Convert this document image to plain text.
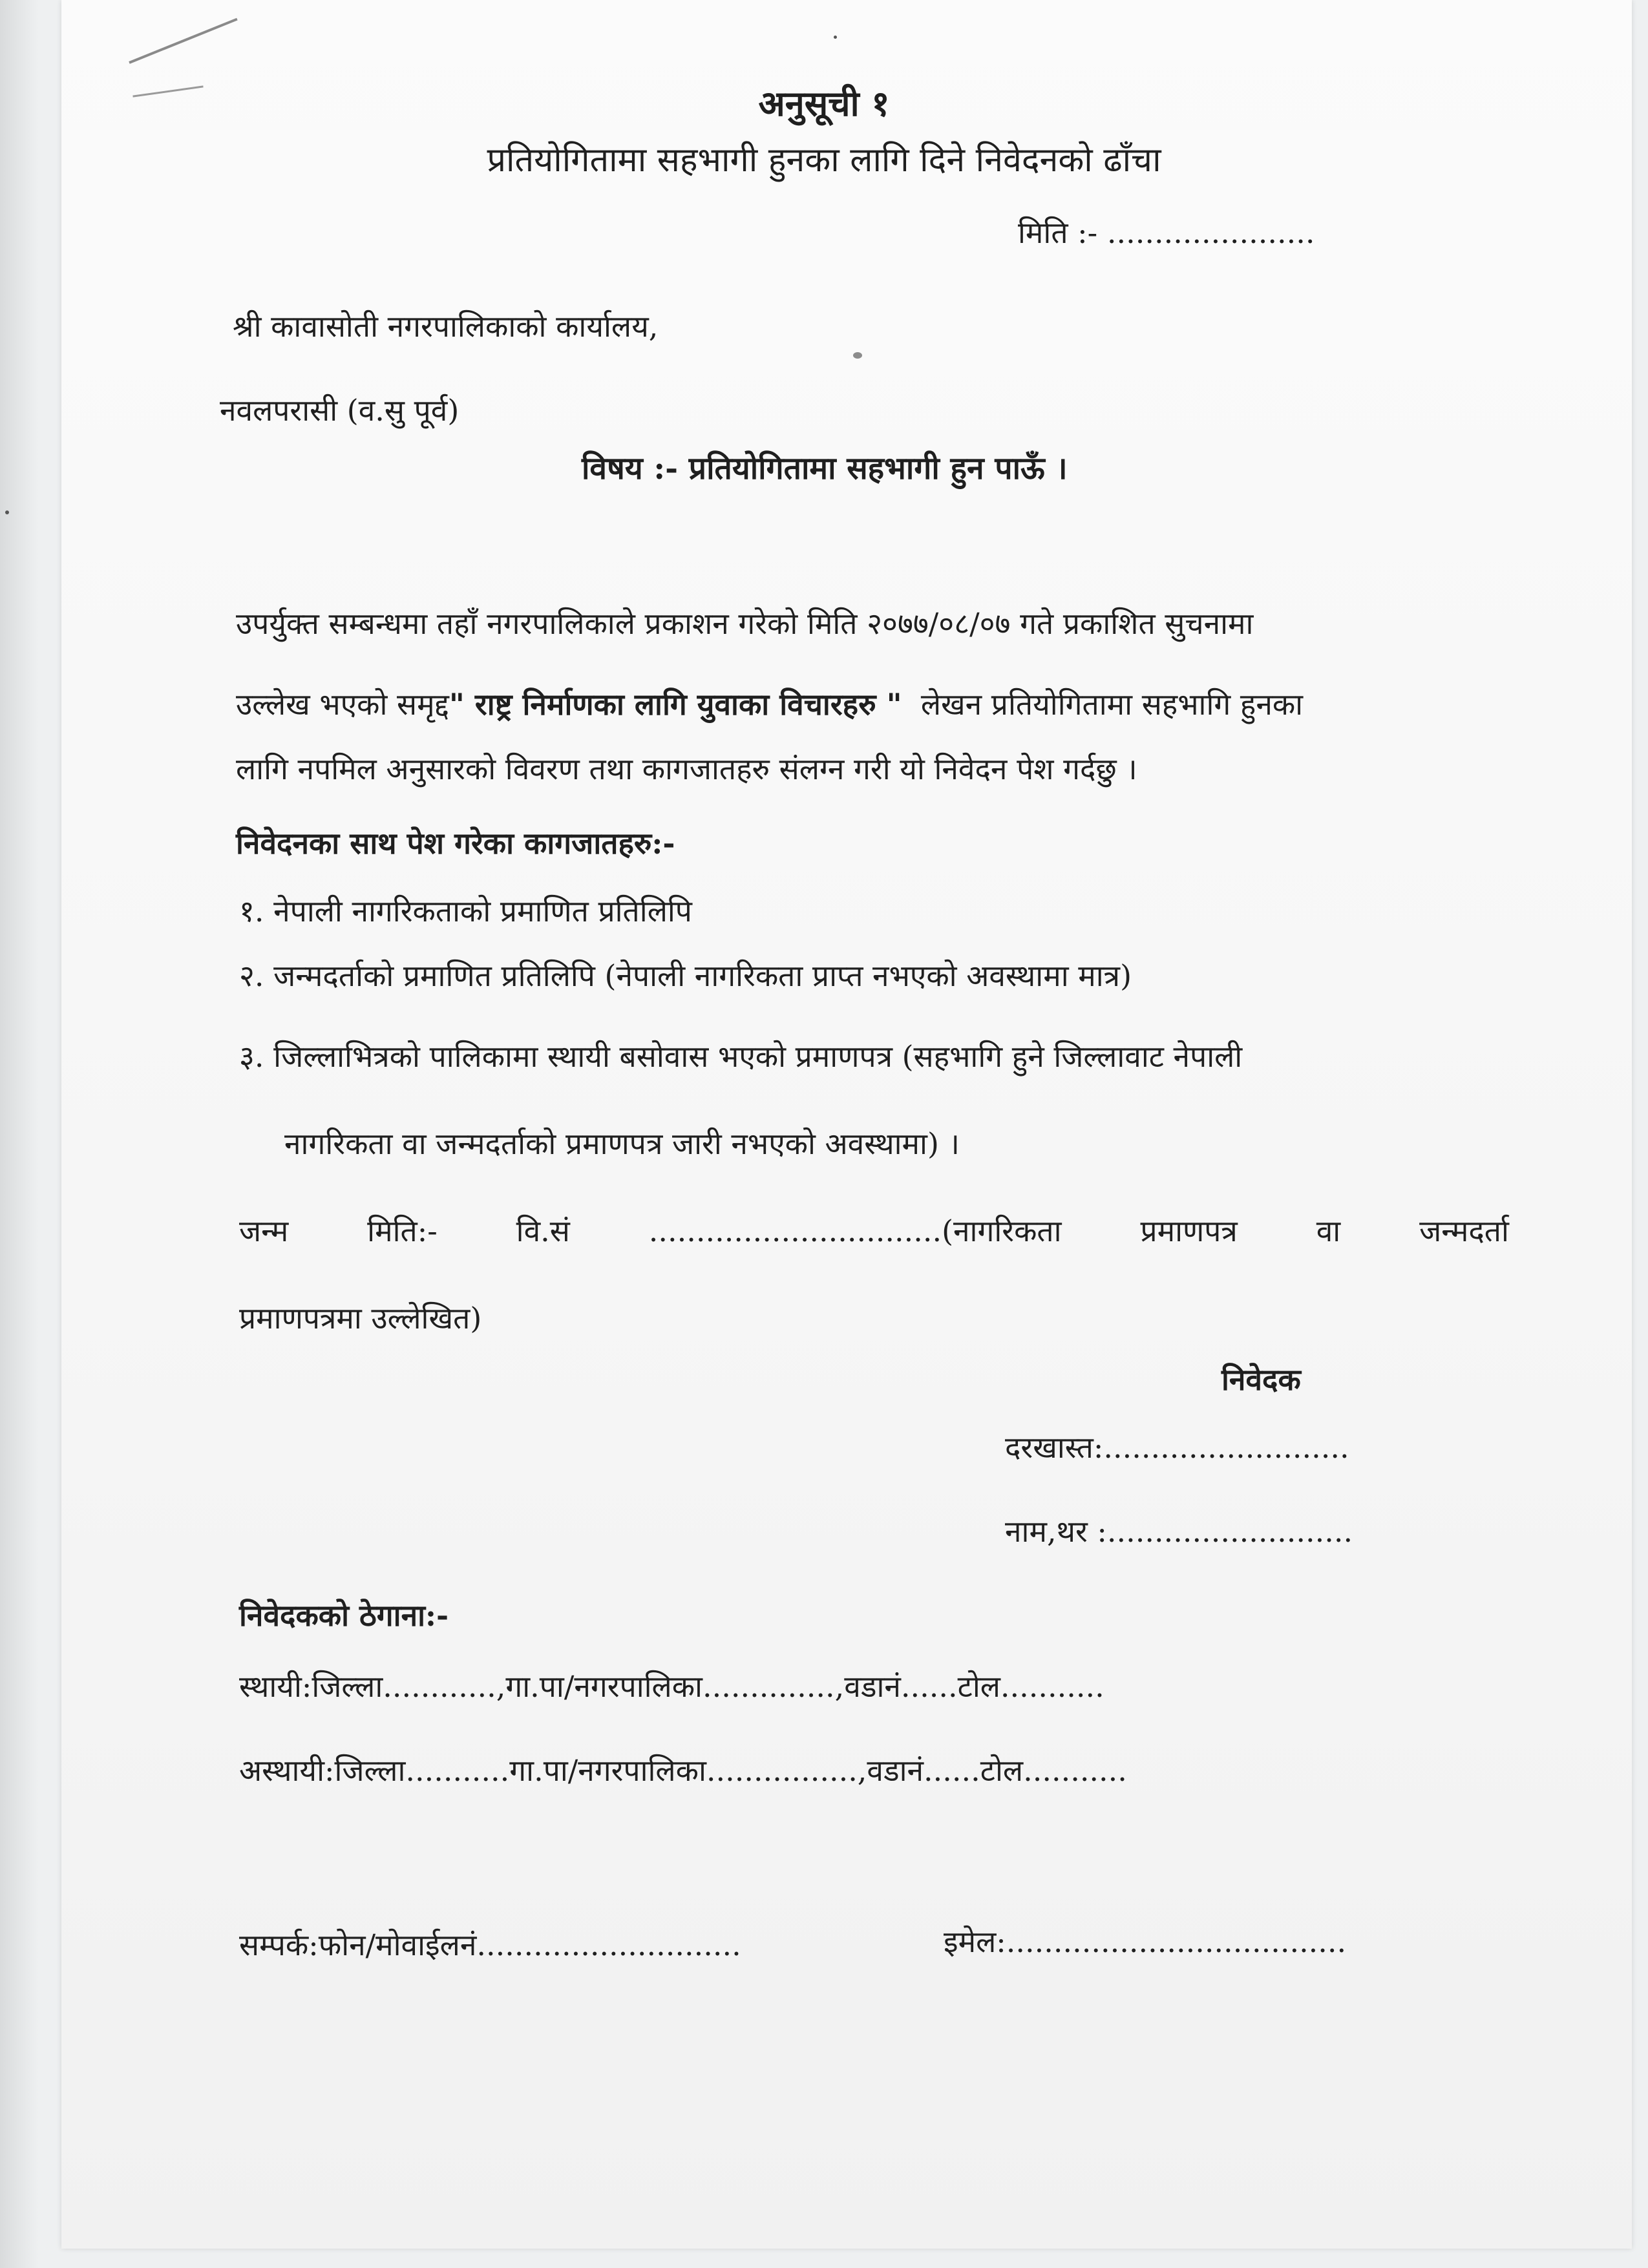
अनुसूची १
प्रतियोगितामा सहभागी हुनका लागि दिने निवेदनको ढाँचा
मिति :- ......................
श्री कावासोती नगरपालिकाको कार्यालय,
नवलपरासी (व.सु पूर्व)
विषय :- प्रतियोगितामा सहभागी हुन पाऊँ ।
उपर्युक्त सम्बन्धमा तहाँ नगरपालिकाले प्रकाशन गरेको मिति २०७७/०८/०७ गते प्रकाशित सुचनामा
उल्लेख भएको समृद्द" राष्ट्र निर्माणका लागि युवाका विचारहरु " लेखन प्रतियोगितामा सहभागि हुनका
लागि नपमिल अनुसारको विवरण तथा कागजातहरु संलग्न गरी यो निवेदन पेश गर्दछु ।
निवेदनका साथ पेश गरेका कागजातहरु:-
१. नेपाली नागरिकताको प्रमाणित प्रतिलिपि
२. जन्मदर्ताको प्रमाणित प्रतिलिपि (नेपाली नागरिकता प्राप्त नभएको अवस्थामा मात्र)
३. जिल्लाभित्रको पालिकामा स्थायी बसोवास भएको प्रमाणपत्र (सहभागि हुने जिल्लावाट नेपाली
नागरिकता वा जन्मदर्ताको प्रमाणपत्र जारी नभएको अवस्थामा) ।
जन्म	मिति:-	वि.सं	...............................(नागरिकता	प्रमाणपत्र	वा	जन्मदर्ता
प्रमाणपत्रमा उल्लेखित)
निवेदक
दरखास्त:..........................
नाम,थर :..........................
निवेदकको ठेगाना:-
स्थायी:जिल्ला............,गा.पा/नगरपालिका..............,वडानं......टोल...........
अस्थायी:जिल्ला...........गा.पा/नगरपालिका................,वडानं......टोल...........
सम्पर्क:फोन/मोवाईलनं............................	इमेल:....................................
